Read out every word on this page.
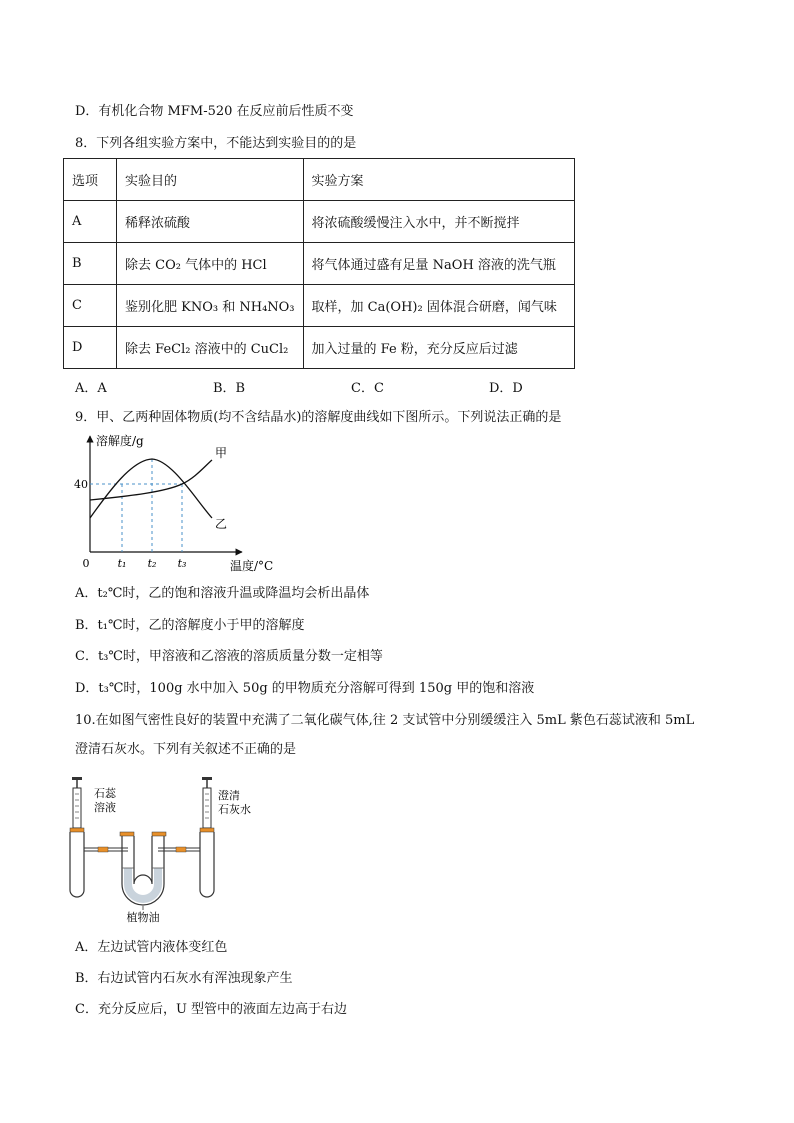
D．有机化合物 MFM-520 在反应前后性质不变
8．下列各组实验方案中，不能达到实验目的的是
选项	实验目的	实验方案
A	稀释浓硫酸	将浓硫酸缓慢注入水中，并不断搅拌
B	除去 CO₂ 气体中的 HCl	将气体通过盛有足量 NaOH 溶液的洗气瓶
C	鉴别化肥 KNO₃ 和 NH₄NO₃	取样，加 Ca(OH)₂ 固体混合研磨，闻气味
D	除去 FeCl₂ 溶液中的 CuCl₂	加入过量的 Fe 粉，充分反应后过滤
A．A	B．B	C．C	D．D
9．甲、乙两种固体物质(均不含结晶水)的溶解度曲线如下图所示。下列说法正确的是
溶解度/g
温度/°C
0
40
甲
乙
t₁ t₂ t₃
A．t₂℃时，乙的饱和溶液升温或降温均会析出晶体
B．t₁℃时，乙的溶解度小于甲的溶解度
C．t₃℃时，甲溶液和乙溶液的溶质质量分数一定相等
D．t₃℃时，100g 水中加入 50g 的甲物质充分溶解可得到 150g 甲的饱和溶液
10.在如图气密性良好的装置中充满了二氧化碳气体,往 2 支试管中分别缓缓注入 5mL 紫色石蕊试液和 5mL
澄清石灰水。下列有关叙述不正确的是
石蕊
溶液
澄清
石灰水
植物油
A．左边试管内液体变红色
B．右边试管内石灰水有浑浊现象产生
C．充分反应后，U 型管中的液面左边高于右边
